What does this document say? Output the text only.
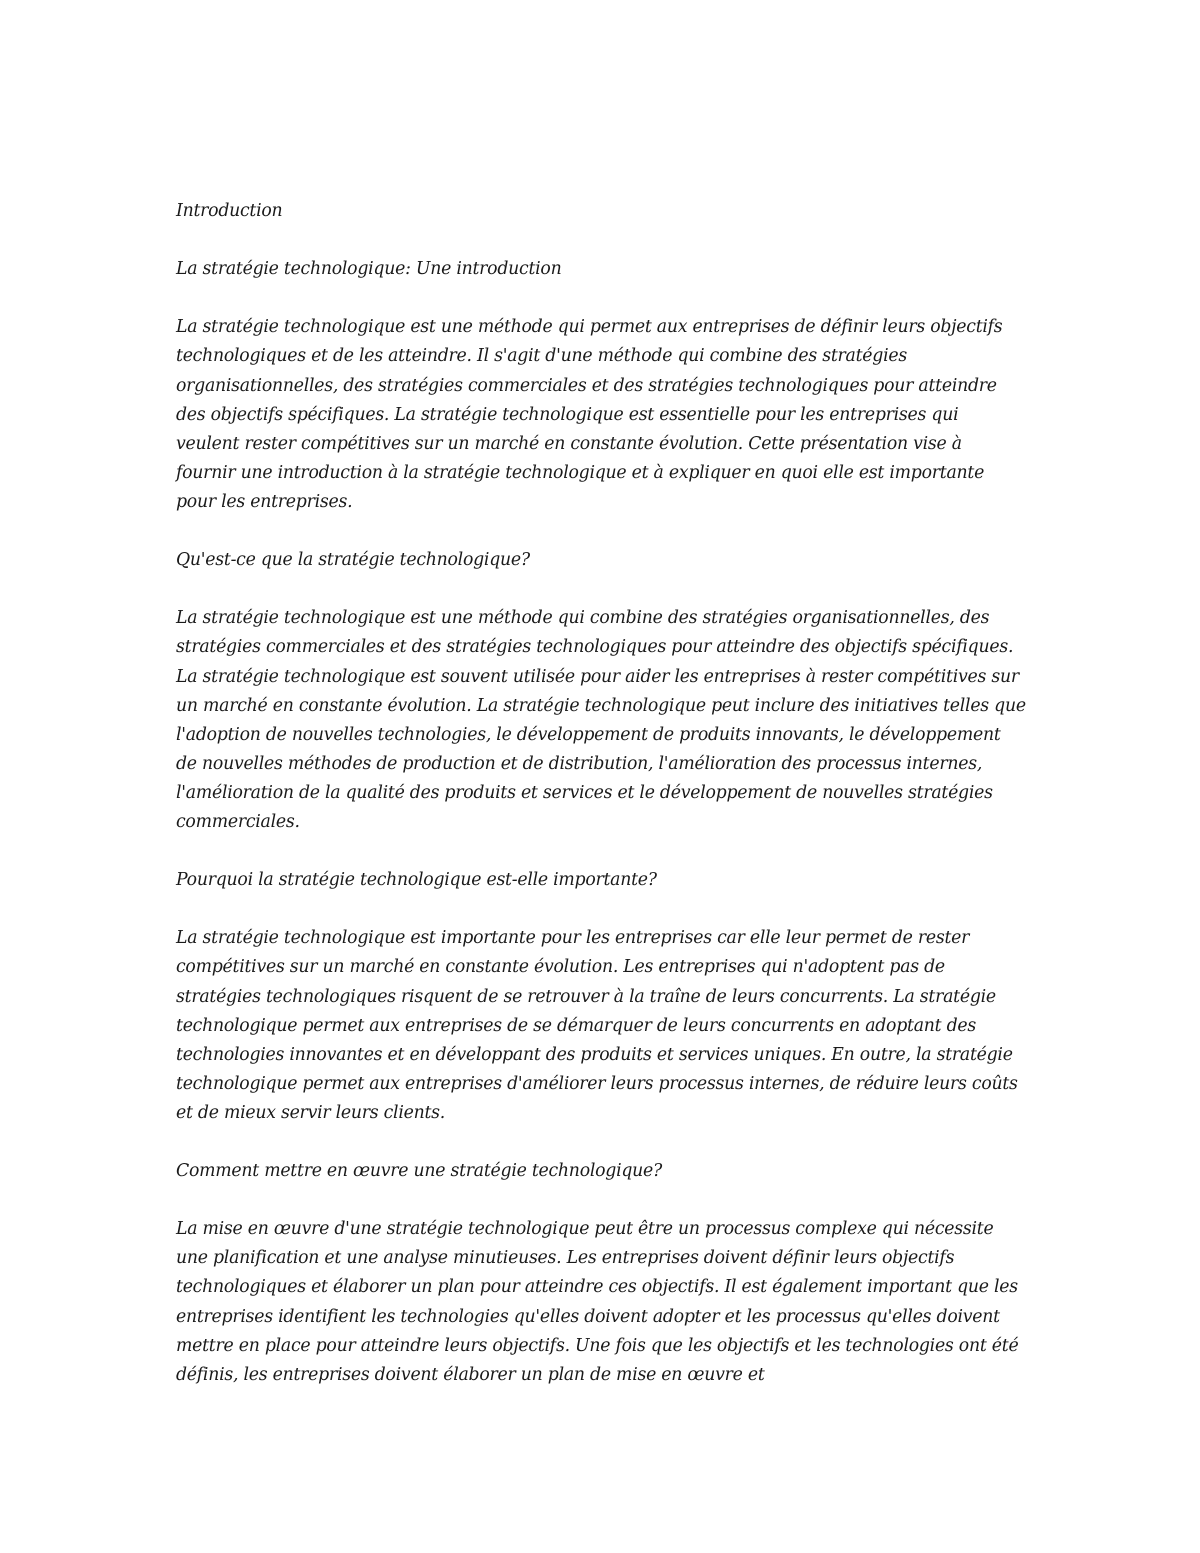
Introduction

La stratégie technologique: Une introduction

La stratégie technologique est une méthode qui permet aux entreprises de définir leurs objectifs technologiques et de les atteindre. Il s'agit d'une méthode qui combine des stratégies organisationnelles, des stratégies commerciales et des stratégies technologiques pour atteindre des objectifs spécifiques. La stratégie technologique est essentielle pour les entreprises qui veulent rester compétitives sur un marché en constante évolution. Cette présentation vise à fournir une introduction à la stratégie technologique et à expliquer en quoi elle est importante pour les entreprises.

Qu'est-ce que la stratégie technologique?

La stratégie technologique est une méthode qui combine des stratégies organisationnelles, des stratégies commerciales et des stratégies technologiques pour atteindre des objectifs spécifiques. La stratégie technologique est souvent utilisée pour aider les entreprises à rester compétitives sur un marché en constante évolution. La stratégie technologique peut inclure des initiatives telles que l'adoption de nouvelles technologies, le développement de produits innovants, le développement de nouvelles méthodes de production et de distribution, l'amélioration des processus internes, l'amélioration de la qualité des produits et services et le développement de nouvelles stratégies commerciales.

Pourquoi la stratégie technologique est-elle importante?

La stratégie technologique est importante pour les entreprises car elle leur permet de rester compétitives sur un marché en constante évolution. Les entreprises qui n'adoptent pas de stratégies technologiques risquent de se retrouver à la traîne de leurs concurrents. La stratégie technologique permet aux entreprises de se démarquer de leurs concurrents en adoptant des technologies innovantes et en développant des produits et services uniques. En outre, la stratégie technologique permet aux entreprises d'améliorer leurs processus internes, de réduire leurs coûts et de mieux servir leurs clients.

Comment mettre en œuvre une stratégie technologique?

La mise en œuvre d'une stratégie technologique peut être un processus complexe qui nécessite une planification et une analyse minutieuses. Les entreprises doivent définir leurs objectifs technologiques et élaborer un plan pour atteindre ces objectifs. Il est également important que les entreprises identifient les technologies qu'elles doivent adopter et les processus qu'elles doivent mettre en place pour atteindre leurs objectifs. Une fois que les objectifs et les technologies ont été définis, les entreprises doivent élaborer un plan de mise en œuvre et
